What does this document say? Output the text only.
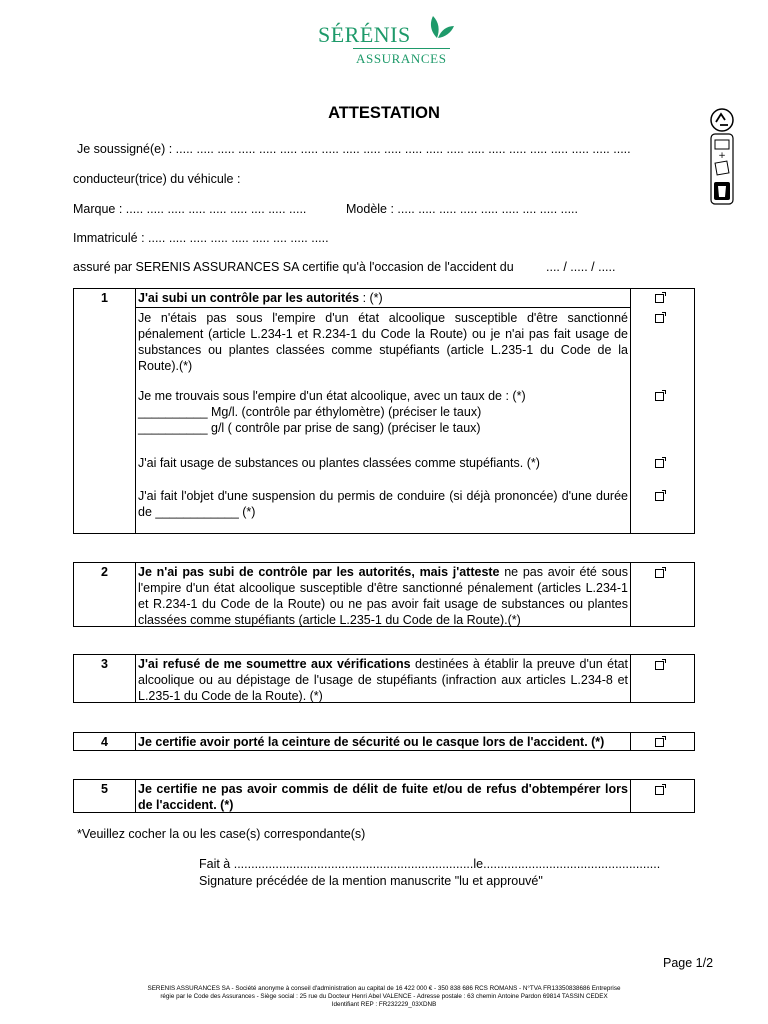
SÉRÉNIS
ASSURANCES
ATTESTATION
+
Je soussigné(e) : ..... ..... ..... ..... ..... ..... ..... ..... ..... ..... ..... ..... ..... ..... ..... ..... ..... ..... ..... ..... ..... .....
conducteur(trice) du véhicule :
Marque : ..... ..... ..... ..... ..... ..... .... ..... .....	Modèle : ..... ..... ..... ..... ..... ..... .... ..... .....
Immatriculé : ..... ..... ..... ..... ..... ..... .... ..... .....
assuré par SERENIS ASSURANCES SA certifie qu'à l'occasion de l'accident du	.... / ..... / .....
1	J'ai subi un contrôle par les autorités : (*)

Je n'étais pas sous l'empire d'un état alcoolique susceptible d'être sanctionné pénalement (article L.234-1 et R.234-1 du Code la Route) ou je n'ai pas fait usage de substances ou plantes classées comme stupéfiants (article L.235-1 du Code de la Route).(*)

Je me trouvais sous l'empire d'un état alcoolique, avec un taux de : (*)
__________ Mg/l. (contrôle par éthylomètre) (préciser le taux)
__________ g/l ( contrôle par prise de sang) (préciser le taux)
J'ai fait usage de substances ou plantes classées comme stupéfiants. (*)

J'ai fait l'objet d'une suspension du permis de conduire (si déjà prononcée) d'une durée de ____________ (*)

2	Je n'ai pas subi de contrôle par les autorités, mais j'atteste ne pas avoir été sous l'empire d'un état alcoolique susceptible d'être sanctionné pénalement (articles L.234-1 et R.234-1 du Code de la Route) ou ne pas avoir fait usage de substances ou plantes classées comme stupéfiants (article L.235-1 du Code de la Route).(*)

3	J'ai refusé de me soumettre aux vérifications destinées à établir la preuve d'un état alcoolique ou au dépistage de l'usage de stupéfiants (infraction aux articles L.234-8 et L.235-1 du Code de la Route). (*)

4	Je certifie avoir porté la ceinture de sécurité ou le casque lors de l'accident. (*)
5	Je certifie ne pas avoir commis de délit de fuite et/ou de refus d'obtempérer lors de l'accident. (*)

*Veuillez cocher la ou les case(s) correspondante(s)
Fait à .....................................................................le...................................................
Signature précédée de la mention manuscrite "lu et approuvé"
Page 1/2
SERENIS ASSURANCES SA - Société anonyme à conseil d'administration au capital de 16 422 000 € - 350 838 686 RCS ROMANS - N°TVA FR13350838686 Entreprise
régie par le Code des Assurances - Siège social : 25 rue du Docteur Henri Abel VALENCE - Adresse postale : 63 chemin Antoine Pardon 69814 TASSIN CEDEX
Identifiant REP : FR232229_03XDNB
